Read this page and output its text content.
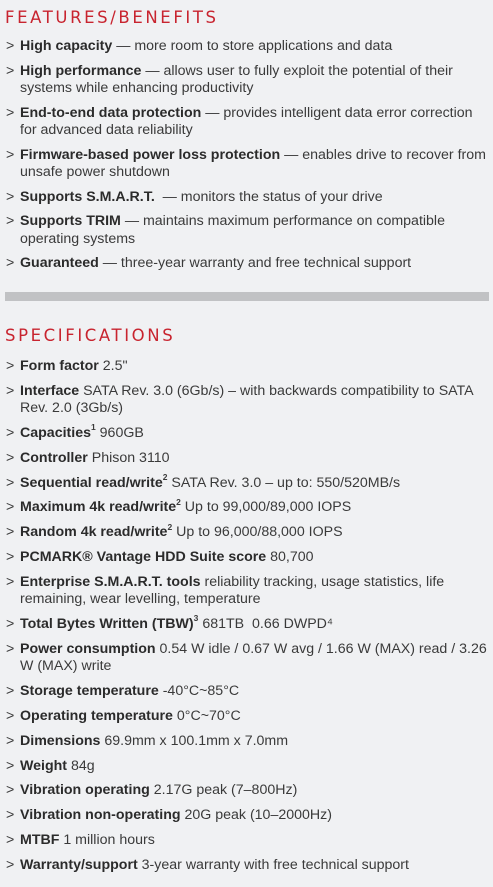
FEATURES/BENEFITS
> High capacity — more room to store applications and data
> High performance — allows user to fully exploit the potential of their systems while enhancing productivity
> End-to-end data protection — provides intelligent data error correction for advanced data reliability
> Firmware-based power loss protection — enables drive to recover from unsafe power shutdown
> Supports S.M.A.R.T.  — monitors the status of your drive
> Supports TRIM — maintains maximum performance on compatible operating systems
> Guaranteed — three-year warranty and free technical support
SPECIFICATIONS
> Form factor 2.5"
> Interface SATA Rev. 3.0 (6Gb/s) – with backwards compatibility to SATA Rev. 2.0 (3Gb/s)
> Capacities$^1$ 960GB
> Controller Phison 3110
> Sequential read/write$^2$ SATA Rev. 3.0 – up to: 550/520MB/s
> Maximum 4k read/write$^2$ Up to 99,000/89,000 IOPS
> Random 4k read/write$^2$ Up to 96,000/88,000 IOPS
> PCMARK® Vantage HDD Suite score 80,700
> Enterprise S.M.A.R.T. tools reliability tracking, usage statistics, life remaining, wear levelling, temperature
> Total Bytes Written (TBW)$^3$ 681TB  0.66 DWPD⁴
> Power consumption 0.54 W idle / 0.67 W avg / 1.66 W (MAX) read / 3.26 W (MAX) write
> Storage temperature -40°C~85°C
> Operating temperature 0°C~70°C
> Dimensions 69.9mm x 100.1mm x 7.0mm
> Weight 84g
> Vibration operating 2.17G peak (7–800Hz)
> Vibration non-operating 20G peak (10–2000Hz)
> MTBF 1 million hours
> Warranty/support 3-year warranty with free technical support
